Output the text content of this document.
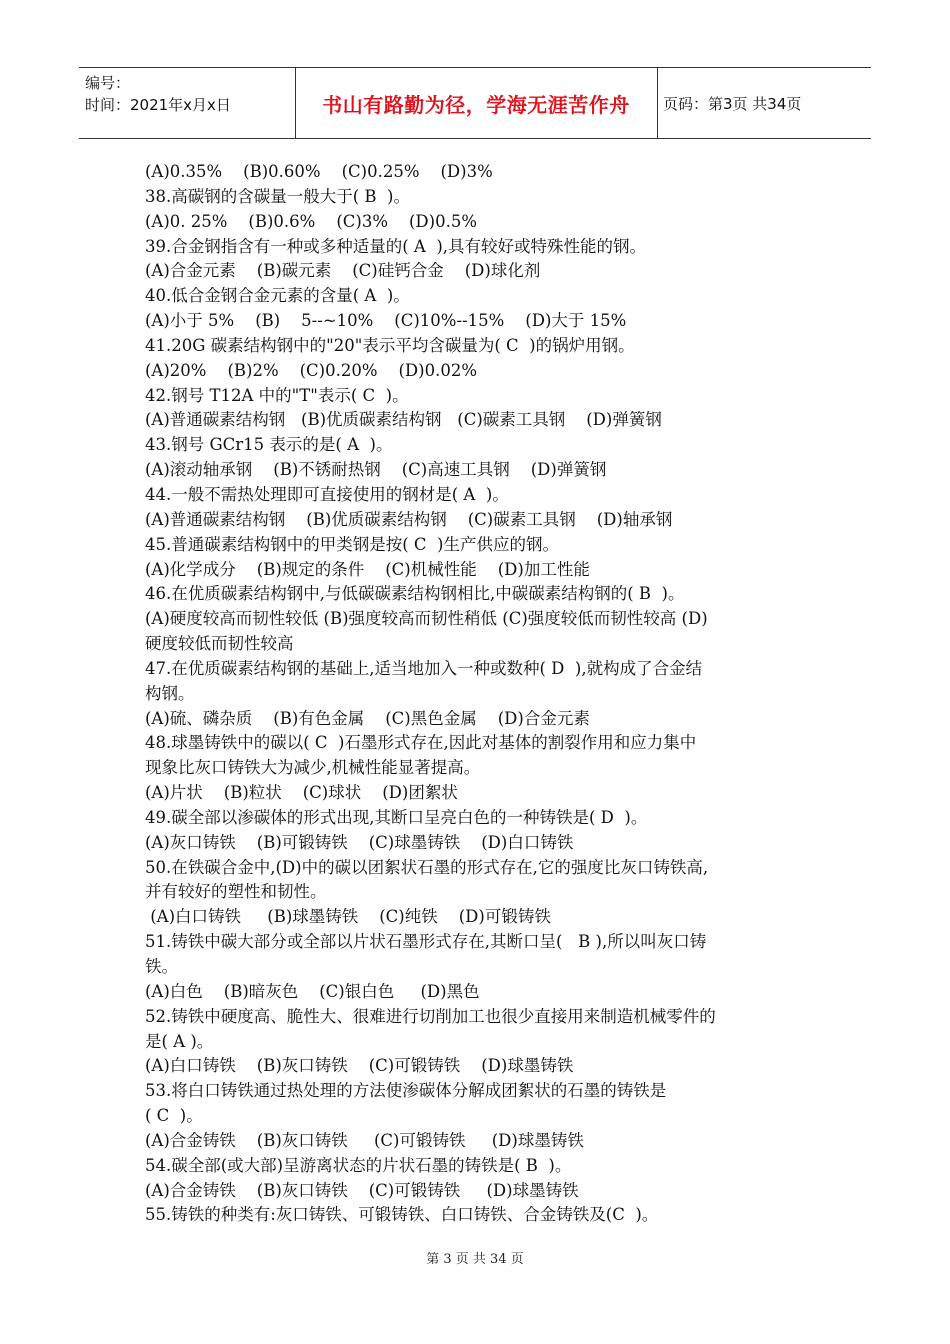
编号：
时间：2021年x月x日	书山有路勤为径，学海无涯苦作舟	页码：第3页 共34页
(A)0.35%    (B)0.60%    (C)0.25%    (D)3%
38.高碳钢的含碳量一般大于( B  )。
(A)0. 25%    (B)0.6%    (C)3%    (D)0.5%
39.合金钢指含有一种或多种适量的( A  ),具有较好或特殊性能的钢。
(A)合金元素    (B)碳元素    (C)硅钙合金    (D)球化剂
40.低合金钢合金元素的含量( A  )。
(A)小于 5%    (B)    5--~10%    (C)10%--15%    (D)大于 15%
41.20G 碳素结构钢中的"20"表示平均含碳量为( C  )的锅炉用钢。
(A)20%    (B)2%    (C)0.20%    (D)0.02%
42.钢号 T12A 中的"T"表示( C  )。
(A)普通碳素结构钢   (B)优质碳素结构钢   (C)碳素工具钢    (D)弹簧钢
43.钢号 GCr15 表示的是( A  )。
(A)滚动轴承钢    (B)不锈耐热钢    (C)高速工具钢    (D)弹簧钢
44.一般不需热处理即可直接使用的钢材是( A  )。
(A)普通碳素结构钢    (B)优质碳素结构钢    (C)碳素工具钢    (D)轴承钢
45.普通碳素结构钢中的甲类钢是按( C  )生产供应的钢。
(A)化学成分    (B)规定的条件    (C)机械性能    (D)加工性能
46.在优质碳素结构钢中,与低碳碳素结构钢相比,中碳碳素结构钢的( B  )。
(A)硬度较高而韧性较低 (B)强度较高而韧性稍低 (C)强度较低而韧性较高 (D)
硬度较低而韧性较高
47.在优质碳素结构钢的基础上,适当地加入一种或数种( D  ),就构成了合金结
构钢。
(A)硫、磷杂质    (B)有色金属    (C)黑色金属    (D)合金元素
48.球墨铸铁中的碳以( C  )石墨形式存在,因此对基体的割裂作用和应力集中
现象比灰口铸铁大为减少,机械性能显著提高。
(A)片状    (B)粒状    (C)球状    (D)团絮状
49.碳全部以渗碳体的形式出现,其断口呈亮白色的一种铸铁是( D  )。
(A)灰口铸铁    (B)可锻铸铁    (C)球墨铸铁    (D)白口铸铁
50.在铁碳合金中,(D)中的碳以团絮状石墨的形式存在,它的强度比灰口铸铁高,
并有较好的塑性和韧性。
(A)白口铸铁     (B)球墨铸铁    (C)纯铁    (D)可锻铸铁
51.铸铁中碳大部分或全部以片状石墨形式存在,其断口呈(   B ),所以叫灰口铸
铁。
(A)白色    (B)暗灰色    (C)银白色     (D)黑色
52.铸铁中硬度高、脆性大、很难进行切削加工也很少直接用来制造机械零件的
是( A )。
(A)白口铸铁    (B)灰口铸铁    (C)可锻铸铁    (D)球墨铸铁
53.将白口铸铁通过热处理的方法使渗碳体分解成团絮状的石墨的铸铁是
( C  )。
(A)合金铸铁    (B)灰口铸铁     (C)可锻铸铁     (D)球墨铸铁
54.碳全部(或大部)呈游离状态的片状石墨的铸铁是( B  )。
(A)合金铸铁    (B)灰口铸铁    (C)可锻铸铁     (D)球墨铸铁
55.铸铁的种类有:灰口铸铁、可锻铸铁、白口铸铁、合金铸铁及(C  )。
第 3 页 共 34 页
